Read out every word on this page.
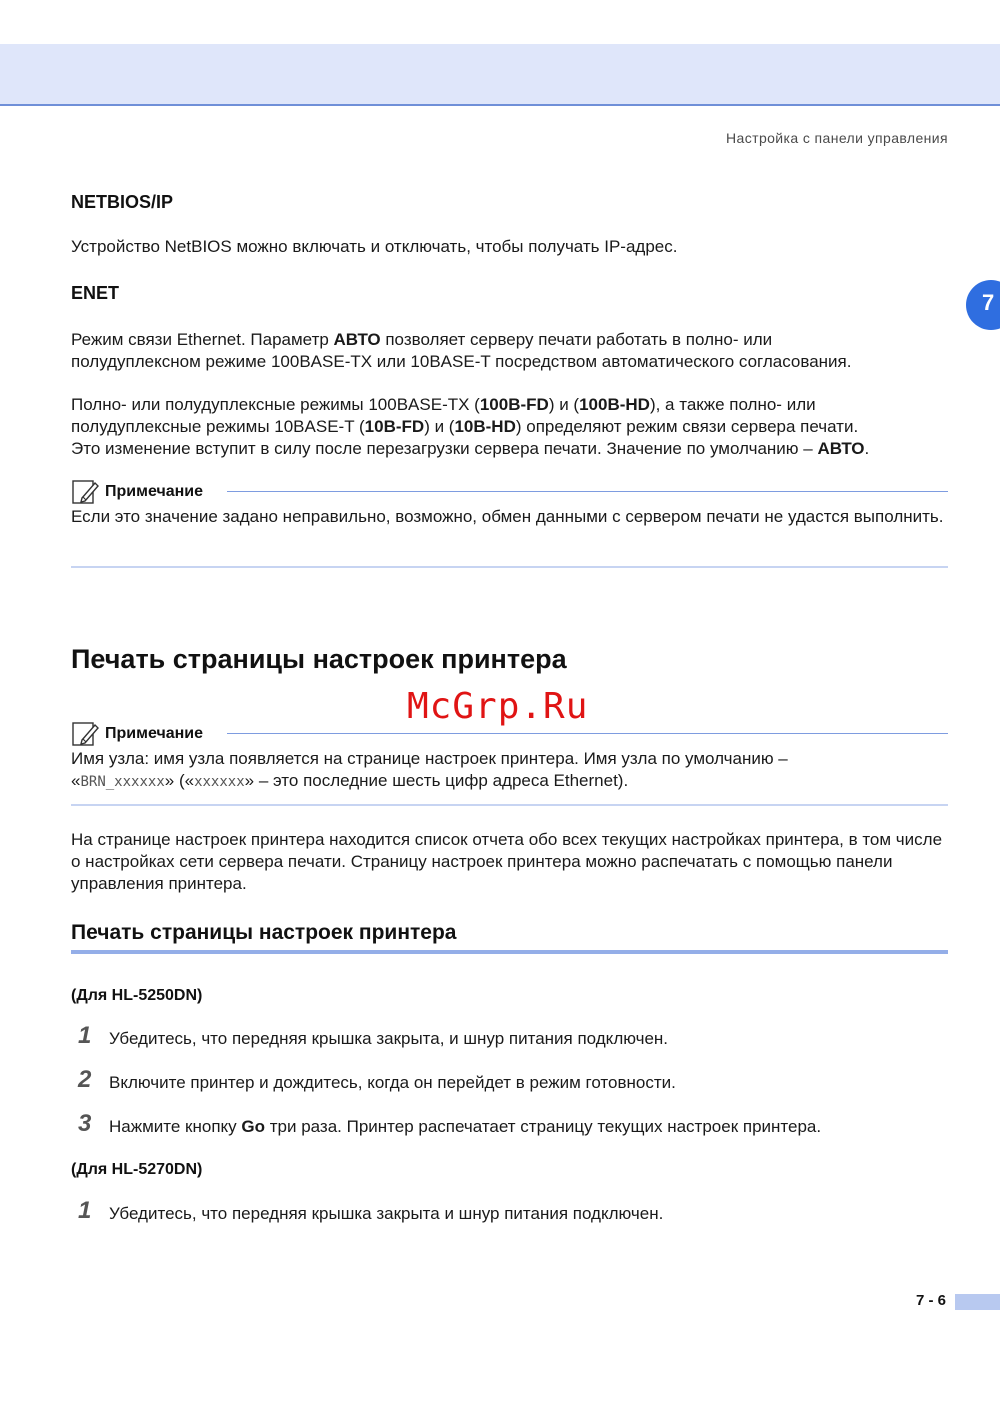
Настройка с панели управления
7
NETBIOS/IP
Устройство NetBIOS можно включать и отключать, чтобы получать IP-адрес.
ENET
Режим связи Ethernet. Параметр АВТО позволяет серверу печати работать в полно- или
полудуплексном режиме 100BASE-TX или 10BASE-T посредством автоматического согласования.
Полно- или полудуплексные режимы 100BASE-TX (100B-FD) и (100B-HD), а также полно- или
полудуплексные режимы 10BASE-T (10B-FD) и (10B-HD) определяют режим связи сервера печати.
Это изменение вступит в силу после перезагрузки сервера печати. Значение по умолчанию – АВТО.
Примечание
Если это значение задано неправильно, возможно, обмен данными с сервером печати не удастся выполнить.
Печать страницы настроек принтера
McGrp.Ru
Примечание
Имя узла: имя узла появляется на странице настроек принтера. Имя узла по умолчанию –
«BRN_xxxxxx» («xxxxxx» – это последние шесть цифр адреса Ethernet).
На странице настроек принтера находится список отчета обо всех текущих настройках принтера, в том числе о настройках сети сервера печати. Страницу настроек принтера можно распечатать с помощью панели управления принтера.
Печать страницы настроек принтера
(Для HL-5250DN)
1 Убедитесь, что передняя крышка закрыта, и шнур питания подключен.
2 Включите принтер и дождитесь, когда он перейдет в режим готовности.
3 Нажмите кнопку Go три раза. Принтер распечатает страницу текущих настроек принтера.
(Для HL-5270DN)
1 Убедитесь, что передняя крышка закрыта и шнур питания подключен.
7 - 6
